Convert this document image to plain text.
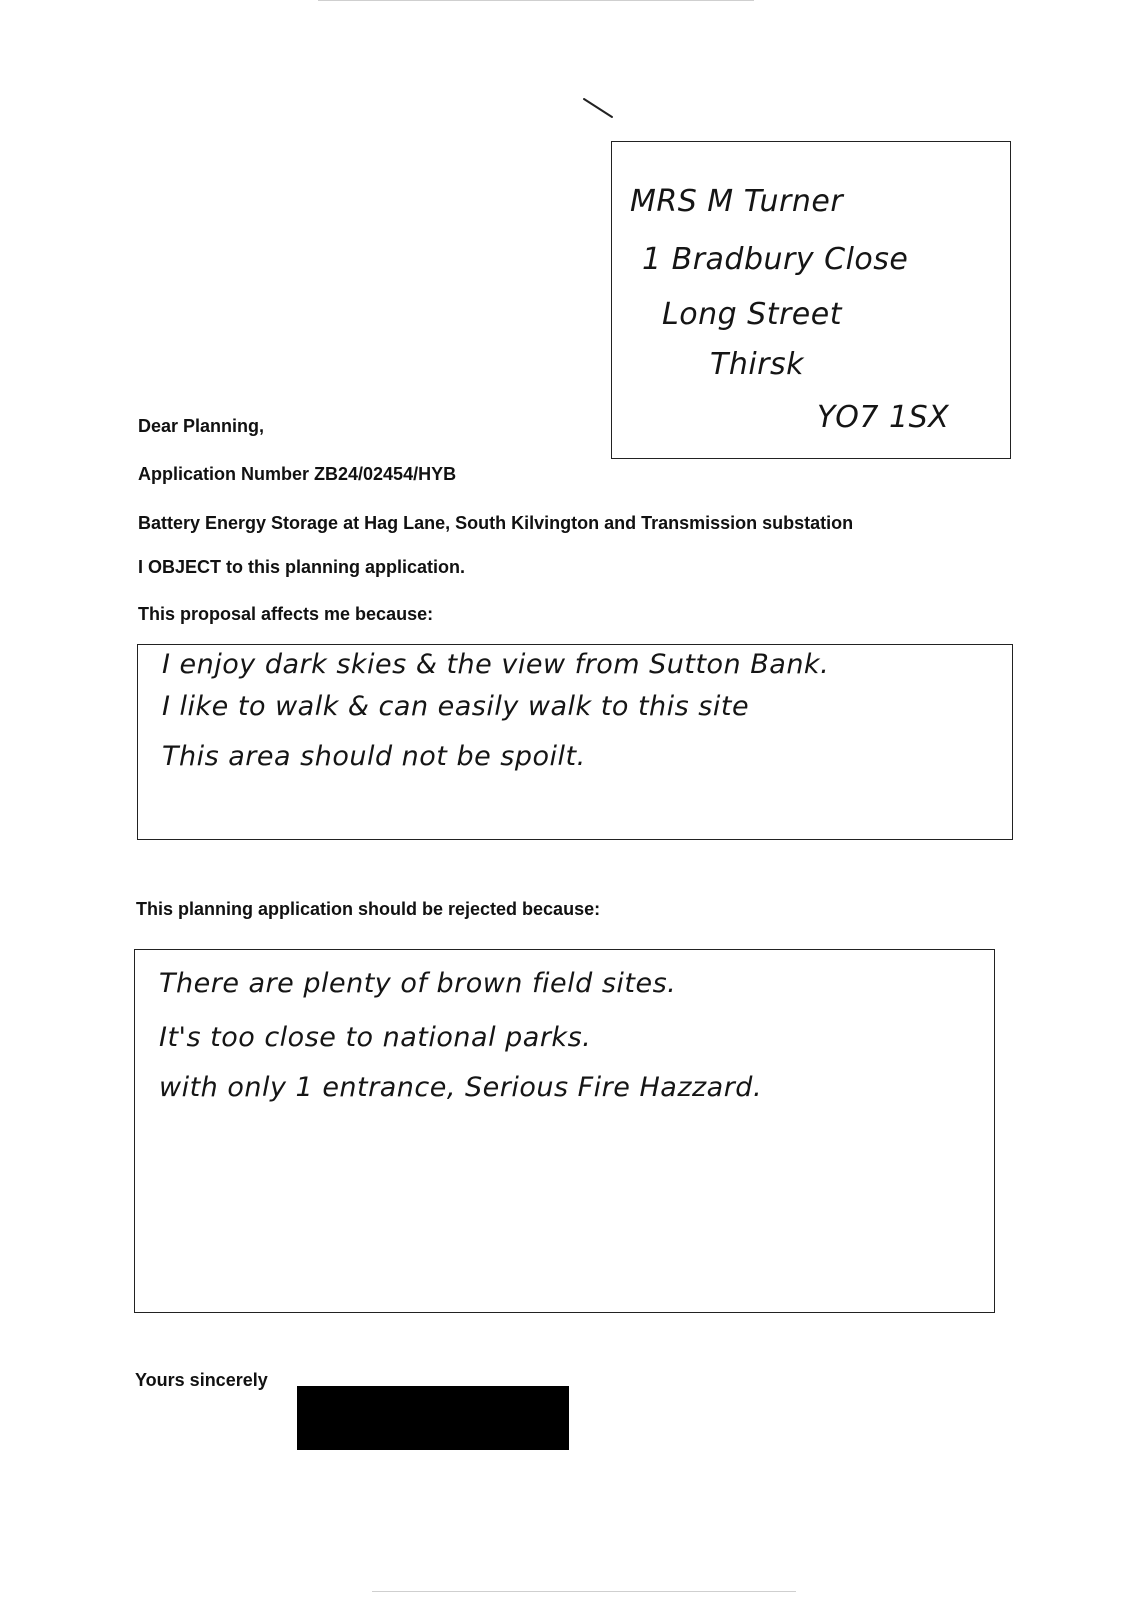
MRS M Turner
1 Bradbury Close
Long Street
Thirsk
YO7 1SX
Dear Planning,
Application Number ZB24/02454/HYB
Battery Energy Storage at Hag Lane, South Kilvington and Transmission substation
I OBJECT to this planning application.
This proposal affects me because:
I enjoy dark skies & the view from Sutton Bank.
I like to walk & can easily walk to this site
This area should not be spoilt.
This planning application should be rejected because:
There are plenty of brown field sites.
It's too close to national parks.
with only 1 entrance, Serious Fire Hazzard.
Yours sincerely
